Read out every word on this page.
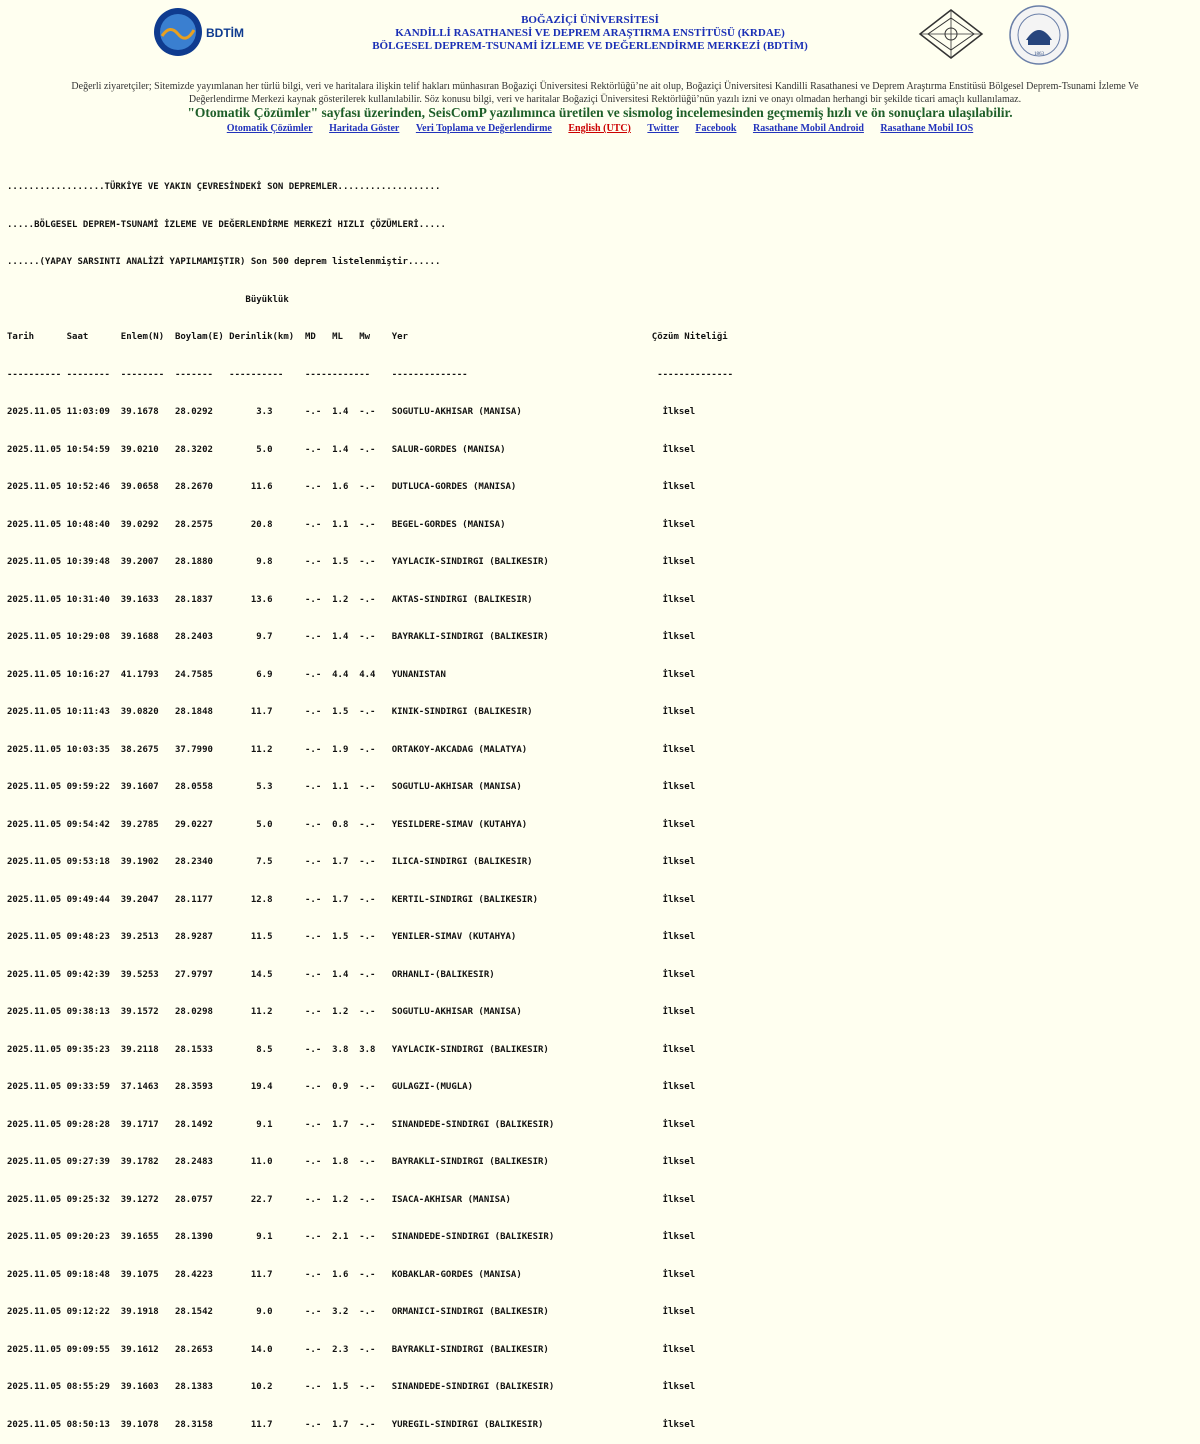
BDTİM
BOĞAZİÇİ ÜNİVERSİTESİ
KANDİLLİ RASATHANESİ VE DEPREM ARAŞTIRMA ENSTİTÜSÜ (KRDAE)
BÖLGESEL DEPREM-TSUNAMİ İZLEME VE DEĞERLENDİRME MERKEZİ (BDTİM)
1863
Değerli ziyaretçiler; Sitemizde yayımlanan her türlü bilgi, veri ve haritalara ilişkin telif hakları münhasıran Boğaziçi Üniversitesi Rektörlüğü’ne ait olup, Boğaziçi Üniversitesi Kandilli Rasathanesi ve Deprem Araştırma Enstitüsü Bölgesel Deprem-Tsunami İzleme Ve
Değerlendirme Merkezi kaynak gösterilerek kullanılabilir. Söz konusu bilgi, veri ve haritalar Boğaziçi Üniversitesi Rektörlüğü’nün yazılı izni ve onayı olmadan herhangi bir şekilde ticari amaçlı kullanılamaz.
"Otomatik Çözümler" sayfası üzerinden, SeisComP yazılımınca üretilen ve sismolog incelemesinden geçmemiş hızlı ve ön sonuçlara ulaşılabilir.
Otomatik Çözümler Haritada Göster Veri Toplama ve Değerlendirme English (UTC) Twitter Facebook Rasathane Mobil Android Rasathane Mobil IOS

..................TÜRKİYE VE YAKIN ÇEVRESİNDEKİ SON DEPREMLER...................

.....BÖLGESEL DEPREM-TSUNAMİ İZLEME VE DEĞERLENDİRME MERKEZİ HIZLI ÇÖZÜMLERİ.....

......(YAPAY SARSINTI ANALİZİ YAPILMAMIŞTIR) Son 500 deprem listelenmiştir......

Büyüklük

Tarih      Saat      Enlem(N)  Boylam(E) Derinlik(km)  MD   ML   Mw    Yer                                             Çözüm Niteliği

---------- --------  --------  -------   ----------    ------------    --------------                                   --------------

2025.11.05 11:03:09  39.1678   28.0292        3.3      -.-  1.4  -.-   SOGUTLU-AKHISAR (MANISA)                          İlksel

2025.11.05 10:54:59  39.0210   28.3202        5.0      -.-  1.4  -.-   SALUR-GORDES (MANISA)                             İlksel

2025.11.05 10:52:46  39.0658   28.2670       11.6      -.-  1.6  -.-   DUTLUCA-GORDES (MANISA)                           İlksel

2025.11.05 10:48:40  39.0292   28.2575       20.8      -.-  1.1  -.-   BEGEL-GORDES (MANISA)                             İlksel

2025.11.05 10:39:48  39.2007   28.1880        9.8      -.-  1.5  -.-   YAYLACIK-SINDIRGI (BALIKESIR)                     İlksel

2025.11.05 10:31:40  39.1633   28.1837       13.6      -.-  1.2  -.-   AKTAS-SINDIRGI (BALIKESIR)                        İlksel

2025.11.05 10:29:08  39.1688   28.2403        9.7      -.-  1.4  -.-   BAYRAKLI-SINDIRGI (BALIKESIR)                     İlksel

2025.11.05 10:16:27  41.1793   24.7585        6.9      -.-  4.4  4.4   YUNANISTAN                                        İlksel

2025.11.05 10:11:43  39.0820   28.1848       11.7      -.-  1.5  -.-   KINIK-SINDIRGI (BALIKESIR)                        İlksel

2025.11.05 10:03:35  38.2675   37.7990       11.2      -.-  1.9  -.-   ORTAKOY-AKCADAG (MALATYA)                         İlksel

2025.11.05 09:59:22  39.1607   28.0558        5.3      -.-  1.1  -.-   SOGUTLU-AKHISAR (MANISA)                          İlksel

2025.11.05 09:54:42  39.2785   29.0227        5.0      -.-  0.8  -.-   YESILDERE-SIMAV (KUTAHYA)                         İlksel

2025.11.05 09:53:18  39.1902   28.2340        7.5      -.-  1.7  -.-   ILICA-SINDIRGI (BALIKESIR)                        İlksel

2025.11.05 09:49:44  39.2047   28.1177       12.8      -.-  1.7  -.-   KERTIL-SINDIRGI (BALIKESIR)                       İlksel

2025.11.05 09:48:23  39.2513   28.9287       11.5      -.-  1.5  -.-   YENILER-SIMAV (KUTAHYA)                           İlksel

2025.11.05 09:42:39  39.5253   27.9797       14.5      -.-  1.4  -.-   ORHANLI-(BALIKESIR)                               İlksel

2025.11.05 09:38:13  39.1572   28.0298       11.2      -.-  1.2  -.-   SOGUTLU-AKHISAR (MANISA)                          İlksel

2025.11.05 09:35:23  39.2118   28.1533        8.5      -.-  3.8  3.8   YAYLACIK-SINDIRGI (BALIKESIR)                     İlksel

2025.11.05 09:33:59  37.1463   28.3593       19.4      -.-  0.9  -.-   GULAGZI-(MUGLA)                                   İlksel

2025.11.05 09:28:28  39.1717   28.1492        9.1      -.-  1.7  -.-   SINANDEDE-SINDIRGI (BALIKESIR)                    İlksel

2025.11.05 09:27:39  39.1782   28.2483       11.0      -.-  1.8  -.-   BAYRAKLI-SINDIRGI (BALIKESIR)                     İlksel

2025.11.05 09:25:32  39.1272   28.0757       22.7      -.-  1.2  -.-   ISACA-AKHISAR (MANISA)                            İlksel

2025.11.05 09:20:23  39.1655   28.1390        9.1      -.-  2.1  -.-   SINANDEDE-SINDIRGI (BALIKESIR)                    İlksel

2025.11.05 09:18:48  39.1075   28.4223       11.7      -.-  1.6  -.-   KOBAKLAR-GORDES (MANISA)                          İlksel

2025.11.05 09:12:22  39.1918   28.1542        9.0      -.-  3.2  -.-   ORMANICI-SINDIRGI (BALIKESIR)                     İlksel

2025.11.05 09:09:55  39.1612   28.2653       14.0      -.-  2.3  -.-   BAYRAKLI-SINDIRGI (BALIKESIR)                     İlksel

2025.11.05 08:55:29  39.1603   28.1383       10.2      -.-  1.5  -.-   SINANDEDE-SINDIRGI (BALIKESIR)                    İlksel

2025.11.05 08:50:13  39.1078   28.3158       11.7      -.-  1.7  -.-   YUREGIL-SINDIRGI (BALIKESIR)                      İlksel
